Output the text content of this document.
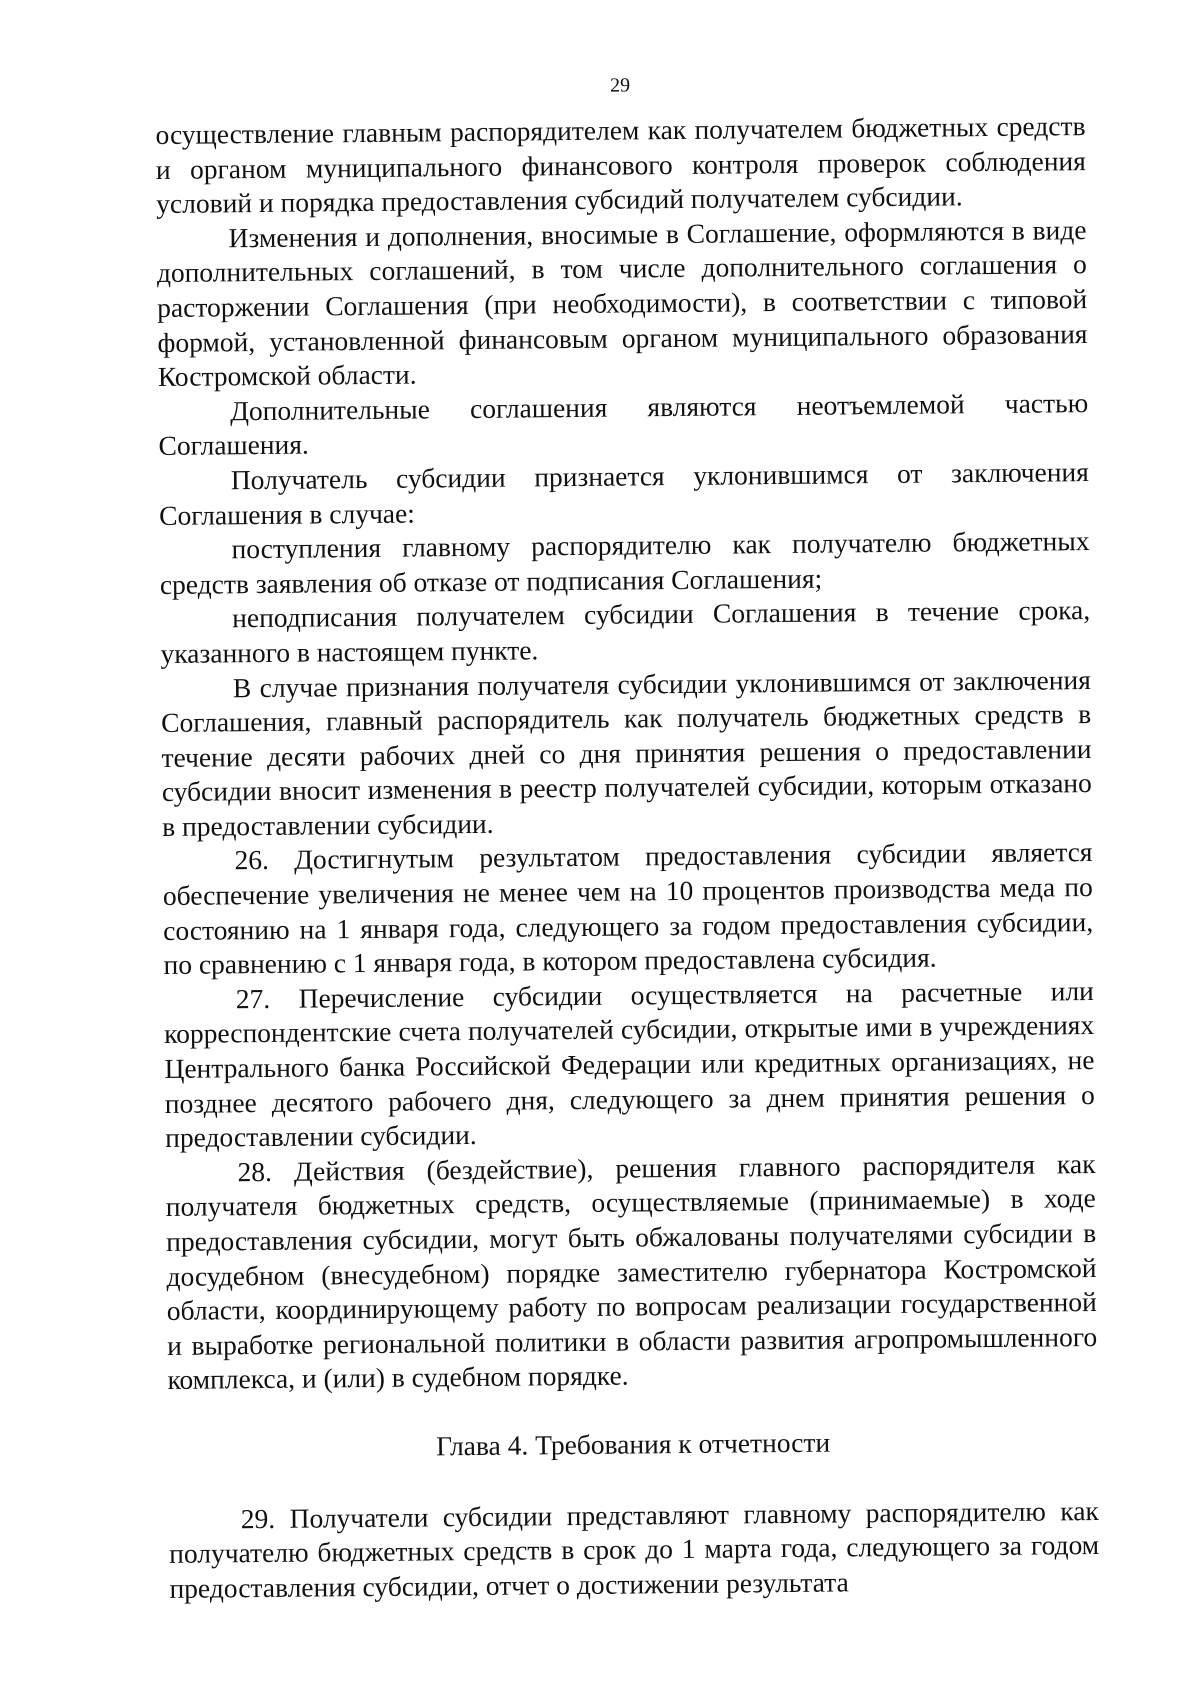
29

осуществление главным распорядителем как получателем бюджетных средств и органом муниципального финансового контроля проверок соблюдения условий и порядка предоставления субсидий получателем субсидии.

Изменения и дополнения, вносимые в Соглашение, оформляются в виде дополнительных соглашений, в том числе дополнительного соглашения о расторжении Соглашения (при необходимости), в соответствии с типовой формой, установленной финансовым органом муниципального образования Костромской области.

Дополнительные соглашения являются неотъемлемой частью Соглашения.

Получатель субсидии признается уклонившимся от заключения Соглашения в случае:

поступления главному распорядителю как получателю бюджетных средств заявления об отказе от подписания Соглашения;

неподписания получателем субсидии Соглашения в течение срока, указанного в настоящем пункте.

В случае признания получателя субсидии уклонившимся от заключения Соглашения, главный распорядитель как получатель бюджетных средств в течение десяти рабочих дней со дня принятия решения о предоставлении субсидии вносит изменения в реестр получателей субсидии, которым отказано в предоставлении субсидии.

26. Достигнутым результатом предоставления субсидии является обеспечение увеличения не менее чем на 10 процентов производства меда по состоянию на 1 января года, следующего за годом предоставления субсидии, по сравнению с 1 января года, в котором предоставлена субсидия.

27. Перечисление субсидии осуществляется на расчетные или корреспондентские счета получателей субсидии, открытые ими в учреждениях Центрального банка Российской Федерации или кредитных организациях, не позднее десятого рабочего дня, следующего за днем принятия решения о предоставлении субсидии.

28. Действия (бездействие), решения главного распорядителя как получателя бюджетных средств, осуществляемые (принимаемые) в ходе предоставления субсидии, могут быть обжалованы получателями субсидии в досудебном (внесудебном) порядке заместителю губернатора Костромской области, координирующему работу по вопросам реализации государственной и выработке региональной политики в области развития агропромышленного комплекса, и (или) в судебном порядке.

Глава 4. Требования к отчетности

29. Получатели субсидии представляют главному распорядителю как получателю бюджетных средств в срок до 1 марта года, следующего за годом предоставления субсидии, отчет о достижении результата
